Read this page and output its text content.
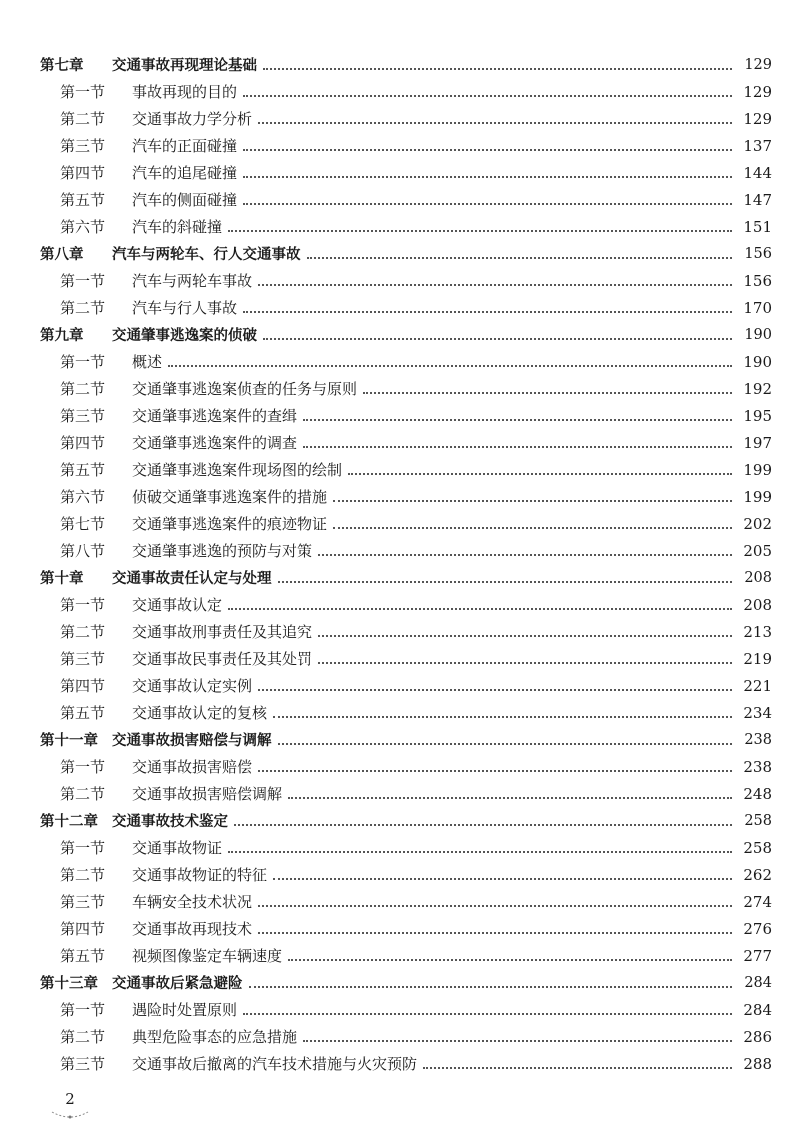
第七章	交通事故再现理论基础	129
第一节	事故再现的目的	129
第二节	交通事故力学分析	129
第三节	汽车的正面碰撞	137
第四节	汽车的追尾碰撞	144
第五节	汽车的侧面碰撞	147
第六节	汽车的斜碰撞	151
第八章	汽车与两轮车、行人交通事故	156
第一节	汽车与两轮车事故	156
第二节	汽车与行人事故	170
第九章	交通肇事逃逸案的侦破	190
第一节	概述	190
第二节	交通肇事逃逸案侦查的任务与原则	192
第三节	交通肇事逃逸案件的查缉	195
第四节	交通肇事逃逸案件的调查	197
第五节	交通肇事逃逸案件现场图的绘制	199
第六节	侦破交通肇事逃逸案件的措施	199
第七节	交通肇事逃逸案件的痕迹物证	202
第八节	交通肇事逃逸的预防与对策	205
第十章	交通事故责任认定与处理	208
第一节	交通事故认定	208
第二节	交通事故刑事责任及其追究	213
第三节	交通事故民事责任及其处罚	219
第四节	交通事故认定实例	221
第五节	交通事故认定的复核	234
第十一章 交通事故损害赔偿与调解	238
第一节	交通事故损害赔偿	238
第二节	交通事故损害赔偿调解	248
第十二章 交通事故技术鉴定	258
第一节	交通事故物证	258
第二节	交通事故物证的特征	262
第三节	车辆安全技术状况	274
第四节	交通事故再现技术	276
第五节	视频图像鉴定车辆速度	277
第十三章 交通事故后紧急避险	284
第一节	遇险时处置原则	284
第二节	典型危险事态的应急措施	286
第三节	交通事故后撤离的汽车技术措施与火灾预防	288
2
